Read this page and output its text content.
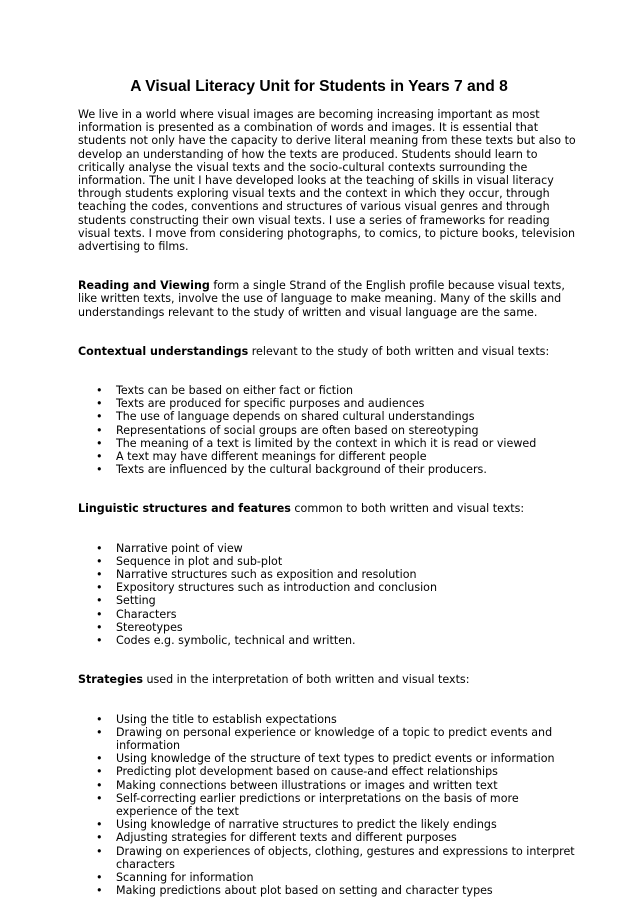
A Visual Literacy Unit for Students in Years 7 and 8

We live in a world where visual images are becoming increasing important as most information is presented as a combination of words and images. It is essential that students not only have the capacity to derive literal meaning from these texts but also to develop an understanding of how the texts are produced. Students should learn to critically analyse the visual texts and the socio-cultural contexts surrounding the information. The unit I have developed looks at the teaching of skills in visual literacy through students exploring visual texts and the context in which they occur, through teaching the codes, conventions and structures of various visual genres and through students constructing their own visual texts. I use a series of frameworks for reading visual texts. I move from considering photographs, to comics, to picture books, television advertising to films.

Reading and Viewing form a single Strand of the English profile because visual texts, like written texts, involve the use of language to make meaning. Many of the skills and understandings relevant to the study of written and visual language are the same.

Contextual understandings relevant to the study of both written and visual texts:

• Texts can be based on either fact or fiction
• Texts are produced for specific purposes and audiences
• The use of language depends on shared cultural understandings
• Representations of social groups are often based on stereotyping
• The meaning of a text is limited by the context in which it is read or viewed
• A text may have different meanings for different people
• Texts are influenced by the cultural background of their producers.

Linguistic structures and features common to both written and visual texts:

• Narrative point of view
• Sequence in plot and sub-plot
• Narrative structures such as exposition and resolution
• Expository structures such as introduction and conclusion
• Setting
• Characters
• Stereotypes
• Codes e.g. symbolic, technical and written.

Strategies used in the interpretation of both written and visual texts:

• Using the title to establish expectations
• Drawing on personal experience or knowledge of a topic to predict events and information
• Using knowledge of the structure of text types to predict events or information
• Predicting plot development based on cause-and effect relationships
• Making connections between illustrations or images and written text
• Self-correcting earlier predictions or interpretations on the basis of more experience of the text
• Using knowledge of narrative structures to predict the likely endings
• Adjusting strategies for different texts and different purposes
• Drawing on experiences of objects, clothing, gestures and expressions to interpret characters
• Scanning for information
• Making predictions about plot based on setting and character types
